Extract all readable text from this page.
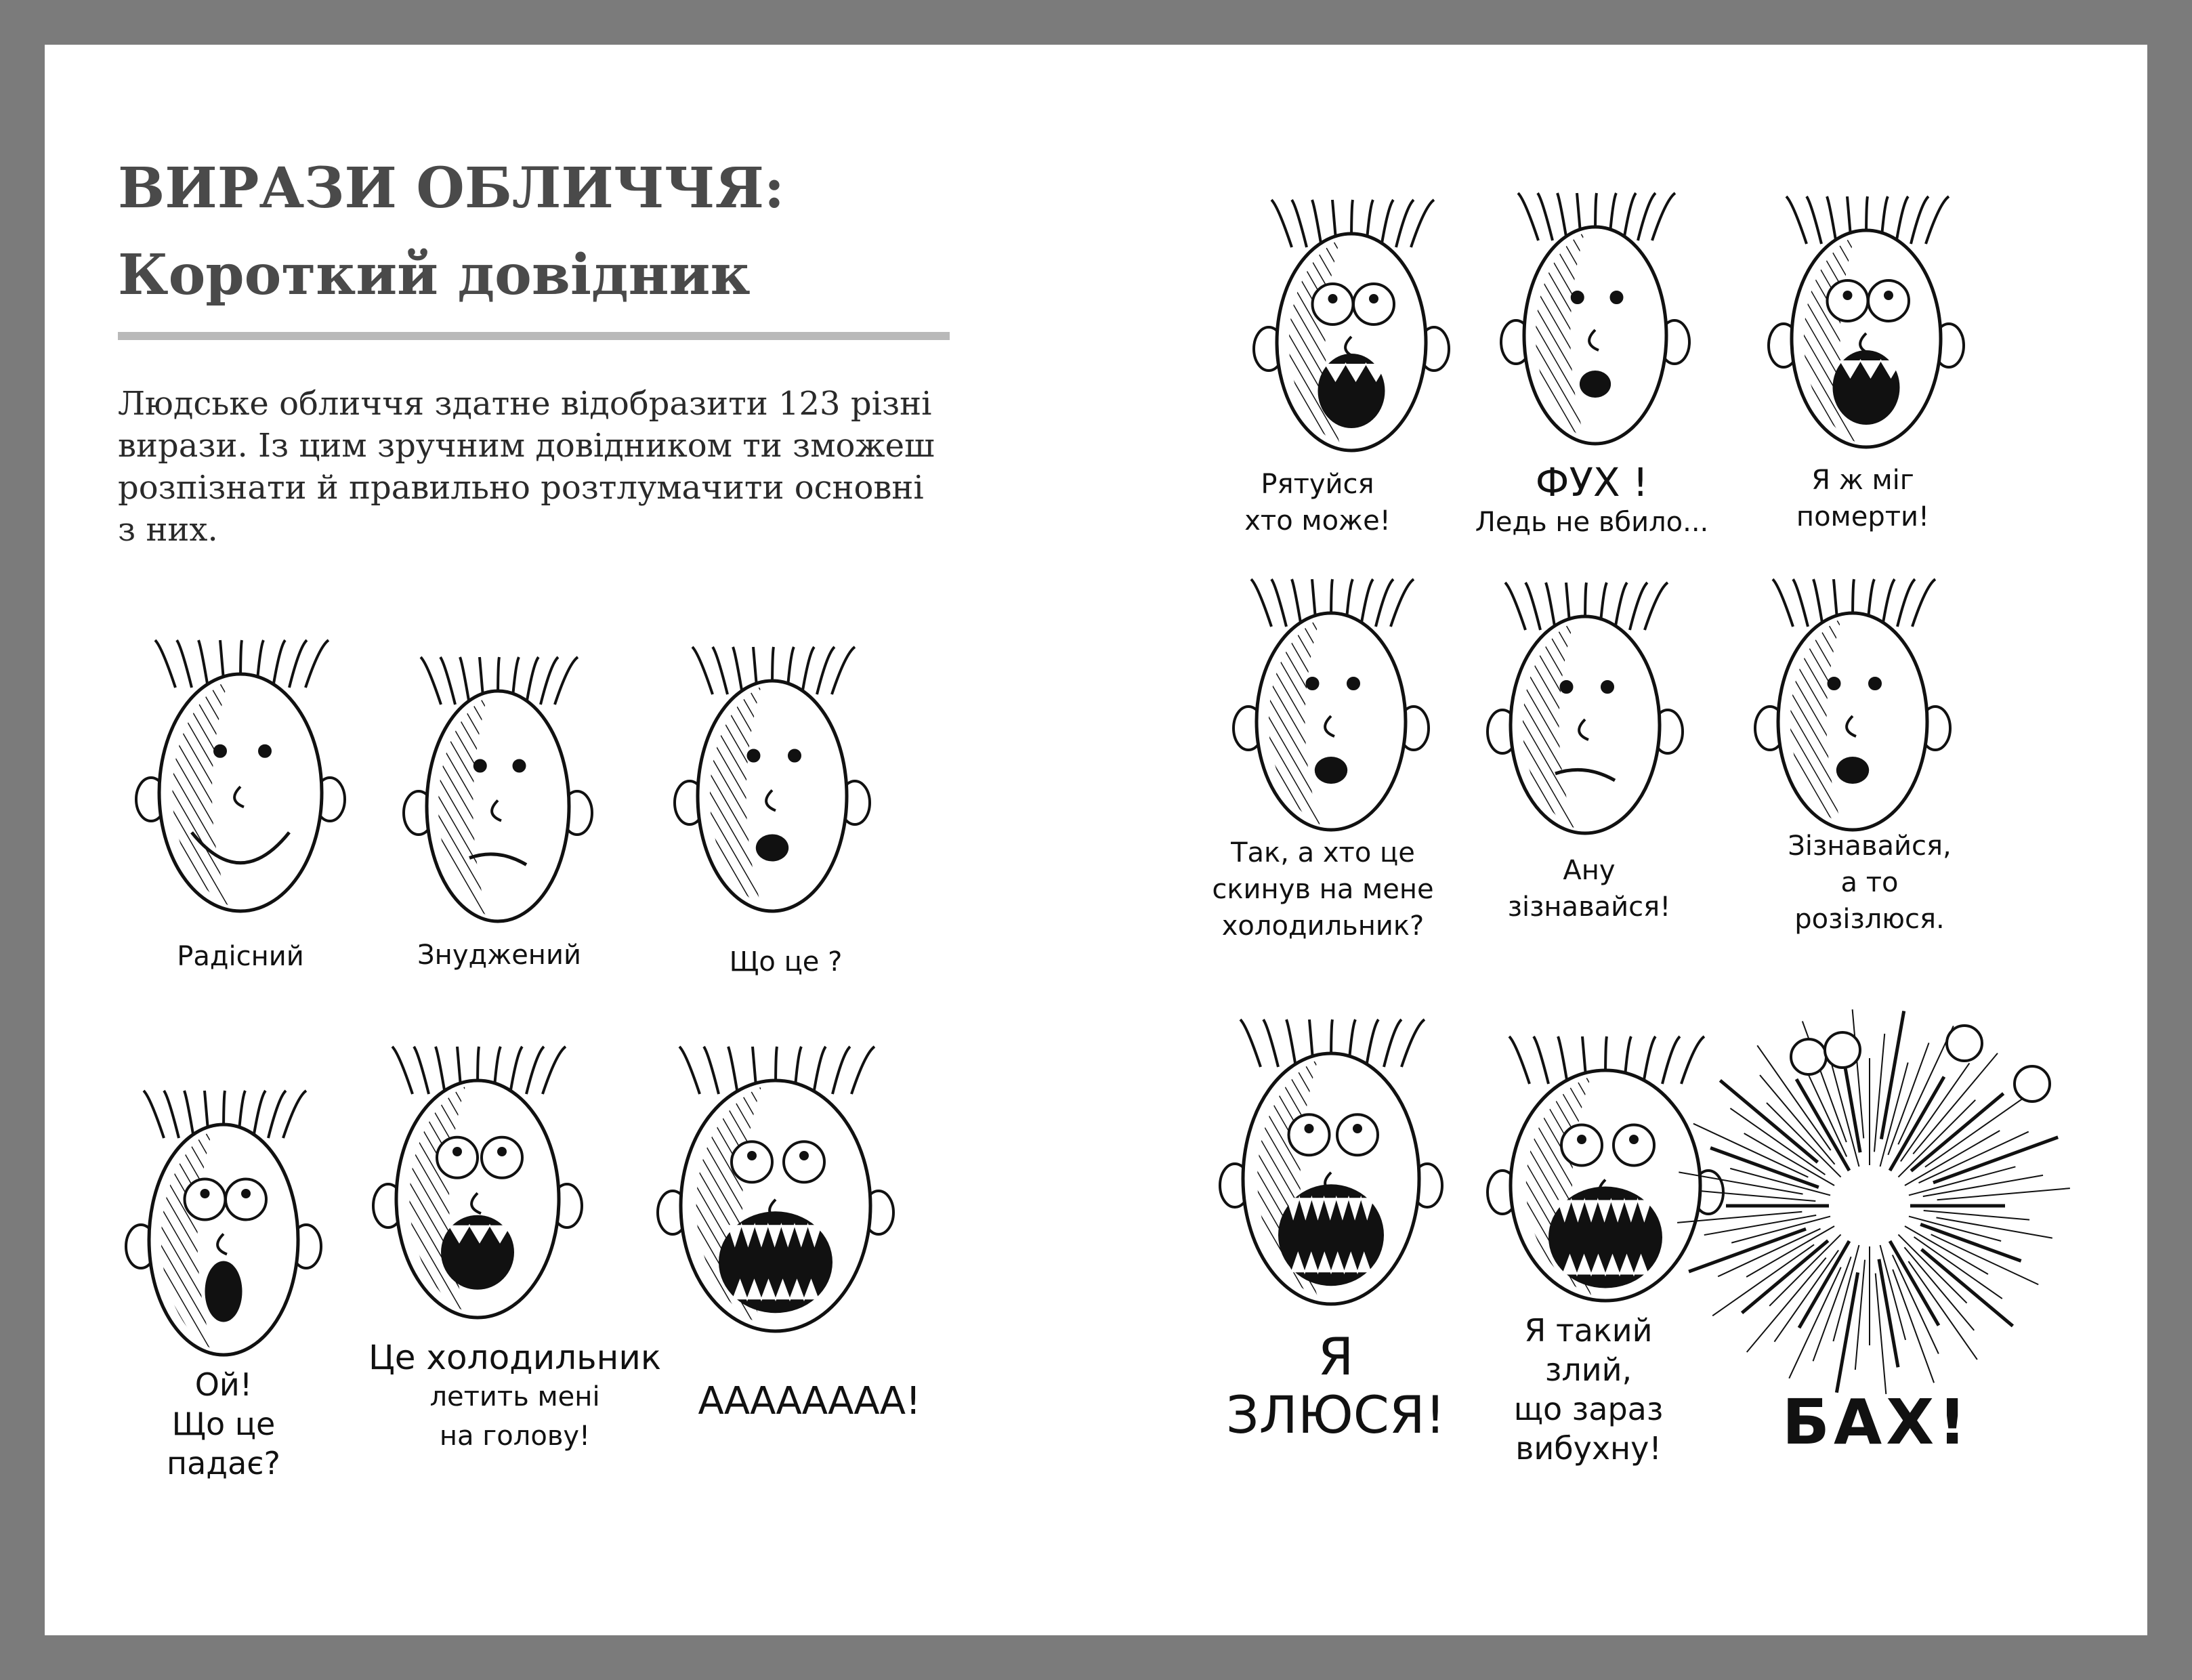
ВИРАЗИ ОБЛИЧЧЯ:
Короткий довідник
Людське обличчя здатне відобразити 123 різні
вирази. Із цим зручним довідником ти зможеш
розпізнати й правильно розтлумачити основні
з них.
Радісний	Знуджений	Що це ?
Ой!
Що це
падає?
Це холодильник
летить мені
на голову!
АААААААА!
Рятуйся
хто може!
ФУХ !
Ледь не вбило...
Я ж міг
померти!
Так, а хто це
скинув на мене
холодильник?
Ану
зізнавайся!
Зізнавайся,
а то
розізлюся.
Я
ЗЛЮСЯ!
Я такий
злий,
що зараз
вибухну! БАХ!
